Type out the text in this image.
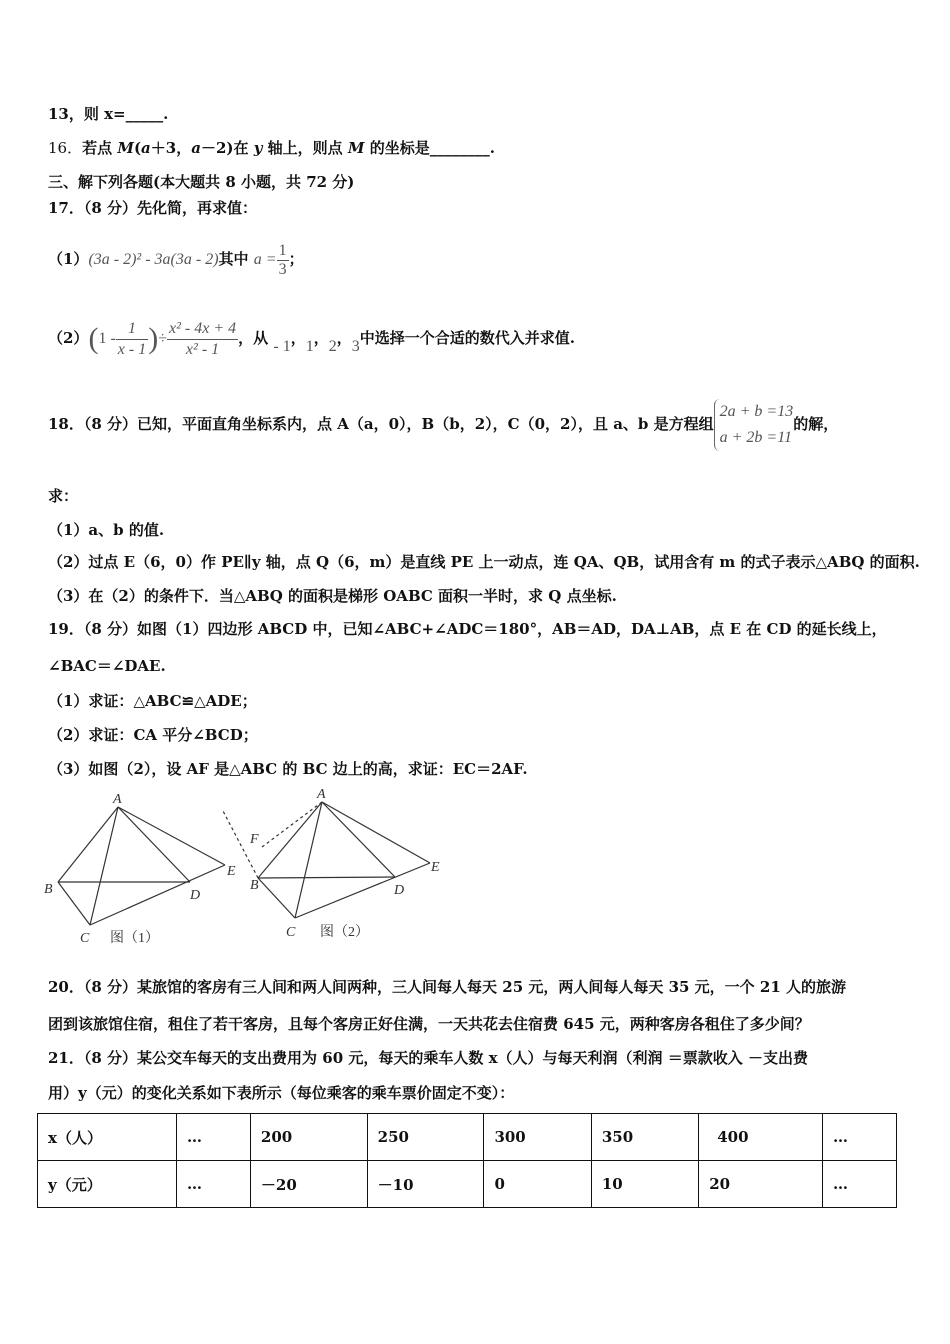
13，则 x=_____.
16．若点 M(a＋3，a－2)在 y 轴上，则点 M 的坐标是________.
三、解下列各题(本大题共 8 小题，共 72 分)
17．（8 分）先化简，再求值：
（1）(3a - 2)² - 3a(3a - 2)其中 $a = \frac{1}{3}$ ；
$(2)(1 - \frac{1}{x - 1}$ )÷ $\frac{\text{x² - 4x + 4}}{\text{x² - 1}}$ ，从 - 1，1，2，3中选择一个合适的数代入并求值.
18．（8 分）已知，平面直角坐标系内，点 A（a，0），B（b，2），C（0，2），且 a、b 是方程组
2a + b =13
a + 2b =11
的解，
求：
（1）a、b 的值.
（2）过点 E（6，0）作 PE∥y 轴，点 Q（6，m）是直线 PE 上一动点，连 QA、QB，试用含有 m 的式子表示△ABQ 的面积.
（3）在（2）的条件下．当△ABQ 的面积是梯形 OABC 面积一半时，求 Q 点坐标.
19．（8 分）如图（1）四边形 ABCD 中，已知∠ABC+∠ADC＝180°，AB＝AD，DA⊥AB，点 E 在 CD 的延长线上，
∠BAC＝∠DAE.
（1）求证：△ABC≌△ADE；
（2）求证：CA 平分∠BCD；
（3）如图（2），设 AF 是△ABC 的 BC 边上的高，求证：EC＝2AF.
A
B
C
D
E
图（1）
A
F
B
C
D
E
图（2）
20．（8 分）某旅馆的客房有三人间和两人间两种，三人间每人每天 25 元，两人间每人每天 35 元，一个 21 人的旅游
团到该旅馆住宿，租住了若干客房，且每个客房正好住满，一天共花去住宿费 645 元，两种客房各租住了多少间？
21．（8 分）某公交车每天的支出费用为 60 元，每天的乘车人数 x（人）与每天利润（利润 ＝票款收入 －支出费
用）y（元）的变化关系如下表所示（每位乘客的乘车票价固定不变）：
x（人）	…	200	250	300	350	400	…
y（元）	…	－20	－10	0	10	20	…
